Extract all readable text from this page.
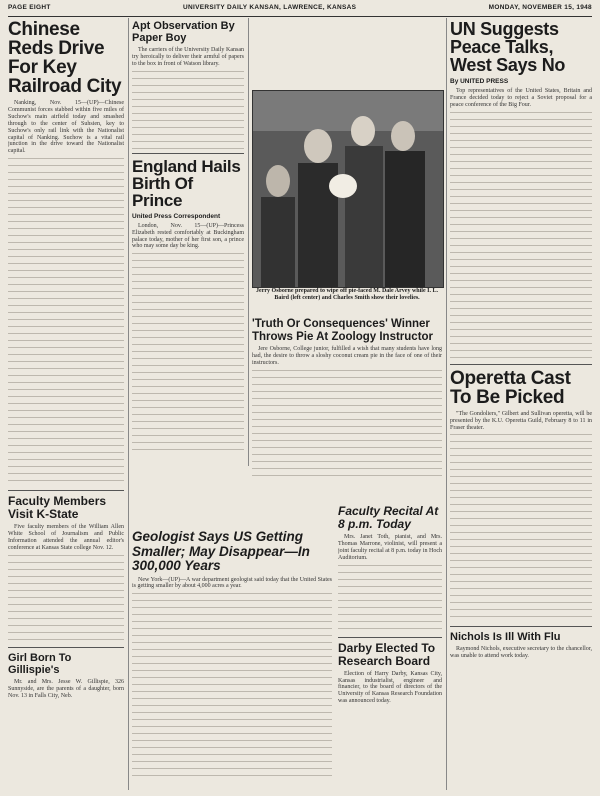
PAGE EIGHT	UNIVERSITY DAILY KANSAN, LAWRENCE, KANSAS	MONDAY, NOVEMBER 15, 1948
Chinese Reds Drive For Key Railroad City

Nanking, Nov. 15—(UP)—Chinese Communist forces stabbed within five miles of Suchow's main airfield today and smashed through to the center of Suhsien, key to Suchow's only rail link with the Nationalist capital of Nanking. Suchow is a vital rail junction in the drive toward the Nationalist capital.

Faculty Members Visit K-State

Five faculty members of the William Allen White School of Journalism and Public Information attended the annual editor's conference at Kansas State college Nov. 12.

Girl Born To Gillispie's

Mr. and Mrs. Jesse W. Gillispie, 326 Sunnyside, are the parents of a daughter, born Nov. 13 in Falls City, Neb.

Apt Observation By Paper Boy

The carriers of the University Daily Kansan try heroically to deliver their armful of papers to the box in front of Watson library.

England Hails Birth Of Prince
United Press Correspondent

London, Nov. 15—(UP)—Princess Elizabeth rested comfortably at Buckingham palace today, mother of her first son, a prince who may some day be king.

Jerry Osborne prepared to wipe off pie-faced M. Dale Arvey while I. L. Baird (left center) and Charles Smith show their lovelies.
'Truth Or Consequences' Winner Throws Pie At Zoology Instructor

Jere Osborne, College junior, fulfilled a wish that many students have long had, the desire to throw a sloshy coconut cream pie in the face of one of their instructors.

Geologist Says US Getting Smaller; May Disappear—In 300,000 Years

New York—(UP)—A war department geologist said today that the United States is getting smaller by about 4,000 acres a year.

Faculty Recital At 8 p.m. Today

Mrs. Janet Toth, pianist, and Mrs. Thomas Marrone, violinist, will present a joint faculty recital at 8 p.m. today in Hoch Auditorium.

Darby Elected To Research Board

Election of Harry Darby, Kansas City, Kansas industrialist, engineer and financier, to the board of directors of the University of Kansas Research Foundation was announced today.

UN Suggests Peace Talks, West Says No
By UNITED PRESS

Top representatives of the United States, Britain and France decided today to reject a Soviet proposal for a peace conference of the Big Four.

Operetta Cast To Be Picked

"The Gondoliers," Gilbert and Sullivan operetta, will be presented by the K.U. Operetta Guild, February 8 to 11 in Fraser theater.

Nichols Is Ill With Flu

Raymond Nichols, executive secretary to the chancellor, was unable to attend work today.
